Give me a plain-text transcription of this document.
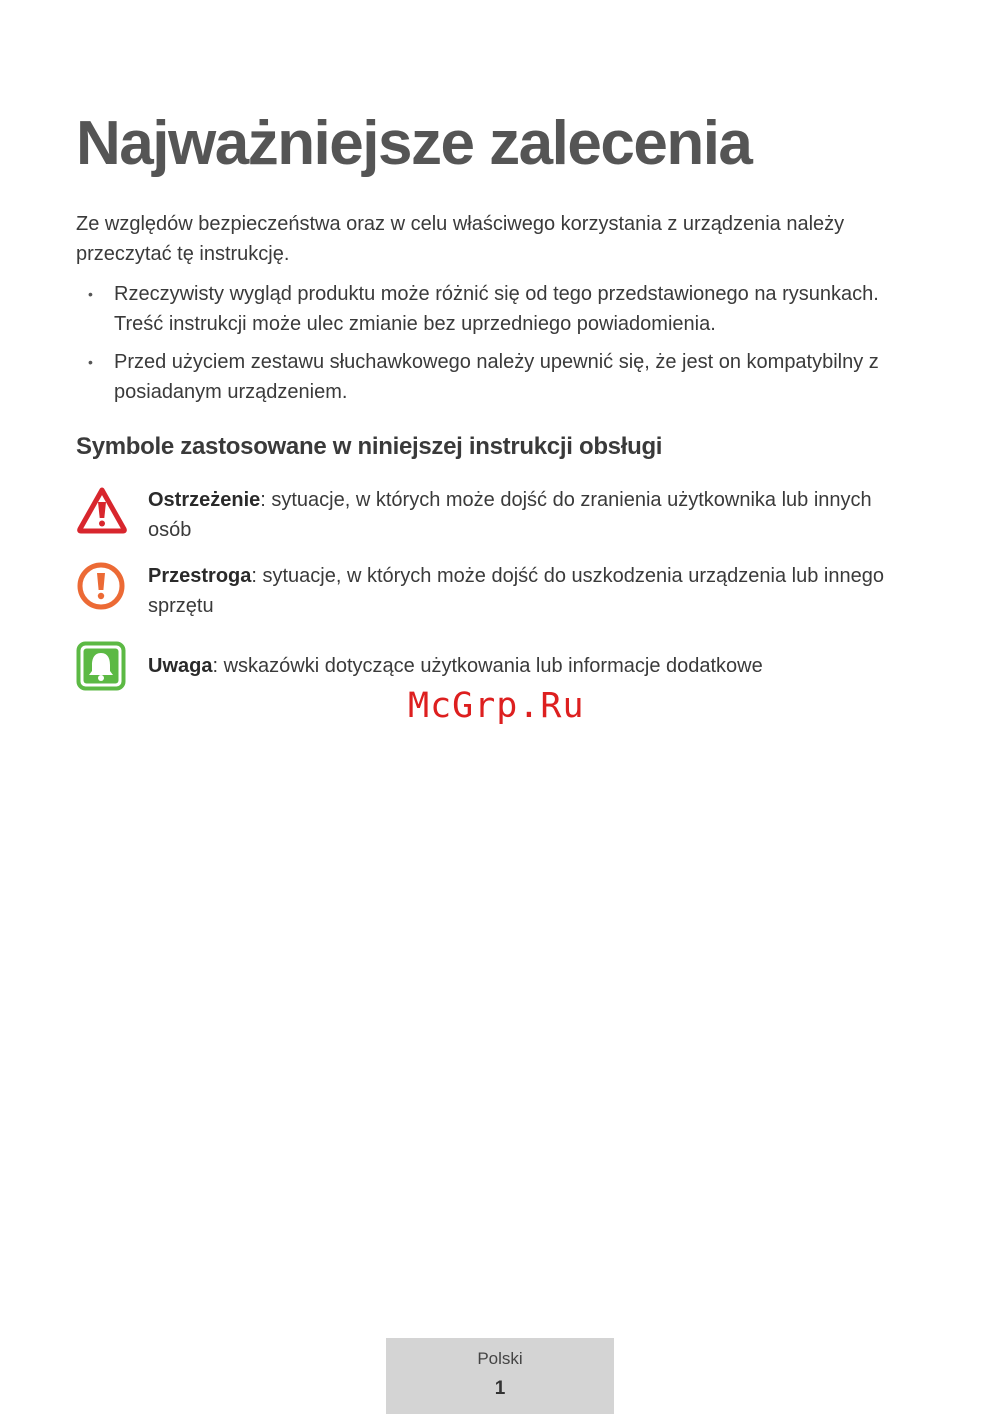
Najważniejsze zalecenia

Ze względów bezpieczeństwa oraz w celu właściwego korzystania z urządzenia należy przeczytać tę instrukcję.

• Rzeczywisty wygląd produktu może różnić się od tego przedstawionego na rysunkach. Treść instrukcji może ulec zmianie bez uprzedniego powiadomienia.
• Przed użyciem zestawu słuchawkowego należy upewnić się, że jest on kompatybilny z posiadanym urządzeniem.
Symbole zastosowane w niniejszej instrukcji obsługi
Ostrzeżenie: sytuacje, w których może dojść do zranienia użytkownika lub innych osób
Przestroga: sytuacje, w których może dojść do uszkodzenia urządzenia lub innego sprzętu
Uwaga: wskazówki dotyczące użytkowania lub informacje dodatkowe
McGrp.Ru
Polski
1
